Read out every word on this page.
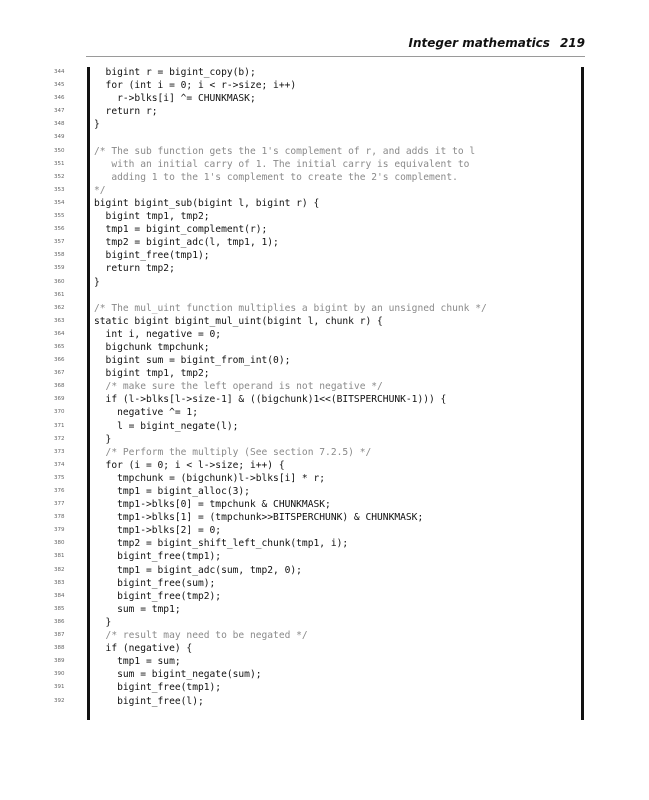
Integer mathematics 219
344	bigint r = bigint_copy(b);
345	for (int i = 0; i < r->size; i++)
346	r->blks[i] ^= CHUNKMASK;
347	return r;
348	}
349
350	/* The sub function gets the 1's complement of r, and adds it to l
351	with an initial carry of 1. The initial carry is equivalent to
352	adding 1 to the 1's complement to create the 2's complement.
353	*/
354	bigint bigint_sub(bigint l, bigint r) {
355	bigint tmp1, tmp2;
356	tmp1 = bigint_complement(r);
357	tmp2 = bigint_adc(l, tmp1, 1);
358	bigint_free(tmp1);
359	return tmp2;
360	}
361
362	/* The mul_uint function multiplies a bigint by an unsigned chunk */
363	static bigint bigint_mul_uint(bigint l, chunk r) {
364	int i, negative = 0;
365	bigchunk tmpchunk;
366	bigint sum = bigint_from_int(0);
367	bigint tmp1, tmp2;
368	/* make sure the left operand is not negative */
369	if (l->blks[l->size-1] & ((bigchunk)1<<(BITSPERCHUNK-1))) {
370	negative ^= 1;
371	l = bigint_negate(l);
372	}
373	/* Perform the multiply (See section 7.2.5) */
374	for (i = 0; i < l->size; i++) {
375	tmpchunk = (bigchunk)l->blks[i] * r;
376	tmp1 = bigint_alloc(3);
377	tmp1->blks[0] = tmpchunk & CHUNKMASK;
378	tmp1->blks[1] = (tmpchunk>>BITSPERCHUNK) & CHUNKMASK;
379	tmp1->blks[2] = 0;
380	tmp2 = bigint_shift_left_chunk(tmp1, i);
381	bigint_free(tmp1);
382	tmp1 = bigint_adc(sum, tmp2, 0);
383	bigint_free(sum);
384	bigint_free(tmp2);
385	sum = tmp1;
386	}
387	/* result may need to be negated */
388	if (negative) {
389	tmp1 = sum;
390	sum = bigint_negate(sum);
391	bigint_free(tmp1);
392	bigint_free(l);
